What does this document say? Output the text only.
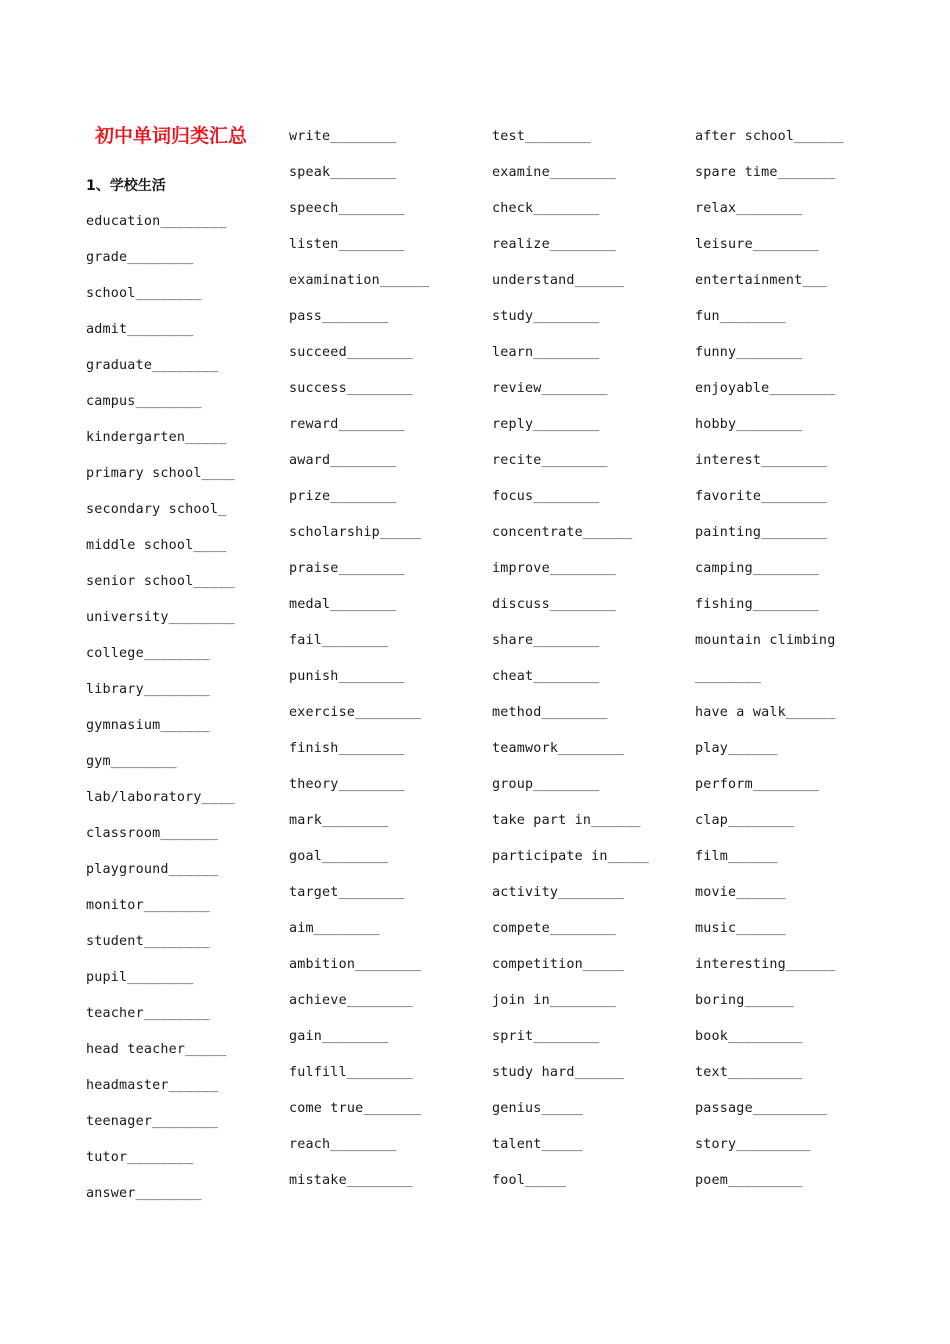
初中单词归类汇总
1、学校生活
education________
grade________
school________
admit________
graduate________
campus________
kindergarten_____
primary school____
secondary school_
middle school____
senior school_____
university________
college________
library________
gymnasium______
gym________
lab/laboratory____
classroom_______
playground______
monitor________
student________
pupil________
teacher________
head teacher_____
headmaster______
teenager________
tutor________
answer________
write________
speak________
speech________
listen________
examination______
pass________
succeed________
success________
reward________
award________
prize________
scholarship_____
praise________
medal________
fail________
punish________
exercise________
finish________
theory________
mark________
goal________
target________
aim________
ambition________
achieve________
gain________
fulfill________
come true_______
reach________
mistake________
test________
examine________
check________
realize________
understand______
study________
learn________
review________
reply________
recite________
focus________
concentrate______
improve________
discuss________
share________
cheat________
method________
teamwork________
group________
take part in______
participate in_____
activity________
compete________
competition_____
join in________
sprit________
study hard______
genius_____
talent_____
fool_____
after school______
spare time_______
relax________
leisure________
entertainment___
fun________
funny________
enjoyable________
hobby________
interest________
favorite________
painting________
camping________
fishing________
mountain climbing
________
have a walk______
play______
perform________
clap________
film______
movie______
music______
interesting______
boring______
book_________
text_________
passage_________
story_________
poem_________
